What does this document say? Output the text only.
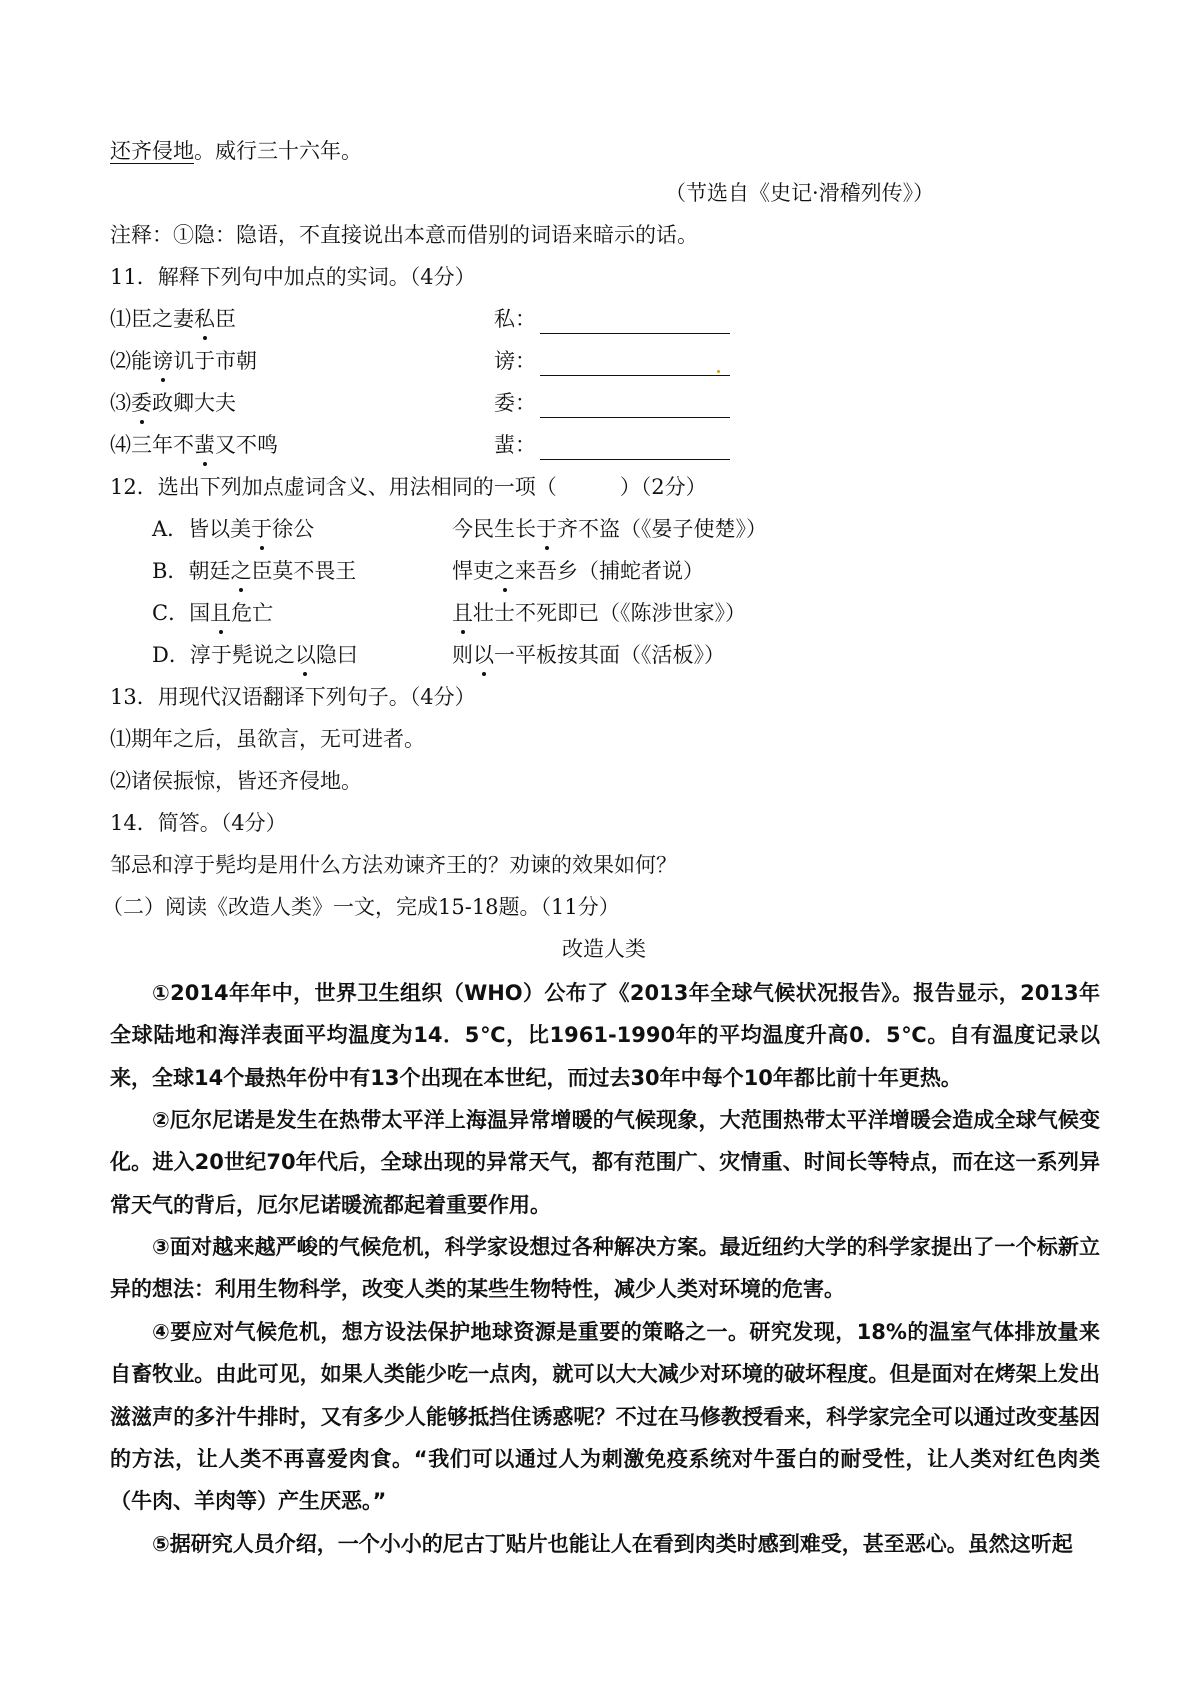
还齐侵地。威行三十六年。
（节选自《史记·滑稽列传》）
注释：①隐：隐语，不直接说出本意而借别的词语来暗示的话。
11．解释下列句中加点的实词。（4分）
⑴臣之妻私臣	私：
⑵能谤讥于市朝	谤：
⑶委政卿大夫	委：
⑷三年不蜚又不鸣	蜚：
12．选出下列加点虚词含义、用法相同的一项（　　　）（2分）
A．皆以美于徐公	今民生长于齐不盗（《晏子使楚》）
B．朝廷之臣莫不畏王	悍吏之来吾乡（捕蛇者说）
C．国且危亡	且壮士不死即已（《陈涉世家》）
D．淳于髡说之以隐曰	则以一平板按其面（《活板》）
13．用现代汉语翻译下列句子。（4分）
⑴期年之后，虽欲言，无可进者。
⑵诸侯振惊，皆还齐侵地。
14．简答。（4分）
邹忌和淳于髡均是用什么方法劝谏齐王的？劝谏的效果如何？
（二）阅读《改造人类》一文，完成15-18题。（11分）
改造人类
①2014年年中，世界卫生组织（WHO）公布了《2013年全球气候状况报告》。报告显示，2013年全球陆地和海洋表面平均温度为14．5℃，比1961-1990年的平均温度升高0．5℃。自有温度记录以来，全球14个最热年份中有13个出现在本世纪，而过去30年中每个10年都比前十年更热。
②厄尔尼诺是发生在热带太平洋上海温异常增暖的气候现象，大范围热带太平洋增暖会造成全球气候变化。进入20世纪70年代后，全球出现的异常天气，都有范围广、灾情重、时间长等特点，而在这一系列异常天气的背后，厄尔尼诺暖流都起着重要作用。
③面对越来越严峻的气候危机，科学家设想过各种解决方案。最近纽约大学的科学家提出了一个标新立异的想法：利用生物科学，改变人类的某些生物特性，减少人类对环境的危害。
④要应对气候危机，想方设法保护地球资源是重要的策略之一。研究发现，18%的温室气体排放量来自畜牧业。由此可见，如果人类能少吃一点肉，就可以大大减少对环境的破坏程度。但是面对在烤架上发出滋滋声的多汁牛排时，又有多少人能够抵挡住诱惑呢？不过在马修教授看来，科学家完全可以通过改变基因的方法，让人类不再喜爱肉食。“我们可以通过人为刺激免疫系统对牛蛋白的耐受性，让人类对红色肉类（牛肉、羊肉等）产生厌恶。”
⑤据研究人员介绍，一个小小的尼古丁贴片也能让人在看到肉类时感到难受，甚至恶心。虽然这听起
